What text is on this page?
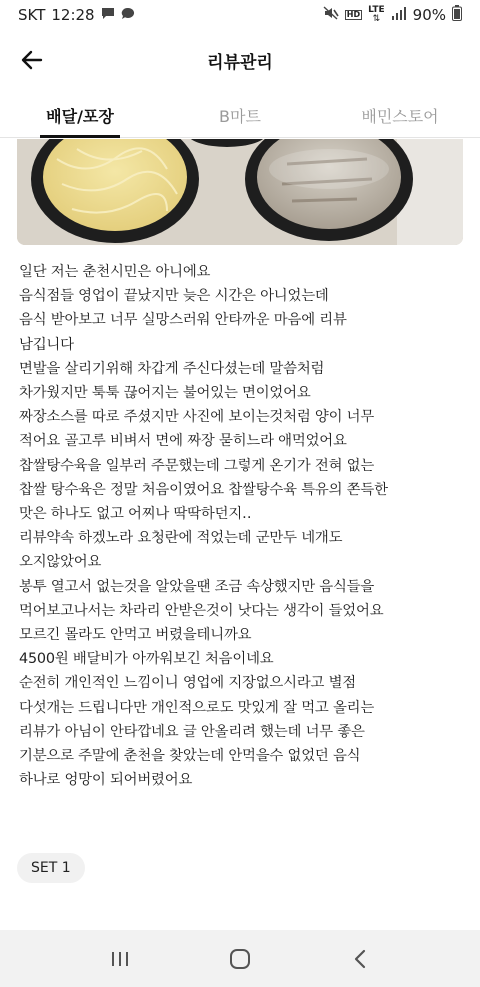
SKT 12:28	HD LTE
⇅	90%
리뷰관리
배달/포장	B마트	배민스토어

일단 저는 춘천시민은 아니에요

음식점들 영업이 끝났지만 늦은 시간은 아니었는데

음식 받아보고 너무 실망스러워 안타까운 마음에 리뷰

남깁니다

면발을 살리기위해 차갑게 주신다셨는데 말씀처럼

차가웠지만 툭툭 끊어지는 불어있는 면이었어요

짜장소스를 따로 주셨지만 사진에 보이는것처럼 양이 너무

적어요 골고루 비벼서 면에 짜장 묻히느라 애먹었어요

찹쌀탕수육을 일부러 주문했는데 그렇게 온기가 전혀 없는

찹쌀 탕수육은 정말 처음이였어요 찹쌀탕수육 특유의 쫀득한

맛은 하나도 없고 어찌나 딱딱하던지‥

리뷰약속 하겠노라 요청란에 적었는데 군만두 네개도

오지않았어요

봉투 열고서 없는것을 알았을땐 조금 속상했지만 음식들을

먹어보고나서는 차라리 안받은것이 낫다는 생각이 들었어요

모르긴 몰라도 안먹고 버렸을테니까요

4500원 배달비가 아까워보긴 처음이네요

순전히 개인적인 느낌이니 영업에 지장없으시라고 별점

다섯개는 드립니다만 개인적으로도 맛있게 잘 먹고 올리는

리뷰가 아님이 안타깝네요 글 안올리려 했는데 너무 좋은

기분으로 주말에 춘천을 찾았는데 안먹을수 없었던 음식

하나로 엉망이 되어버렸어요

SET 1
